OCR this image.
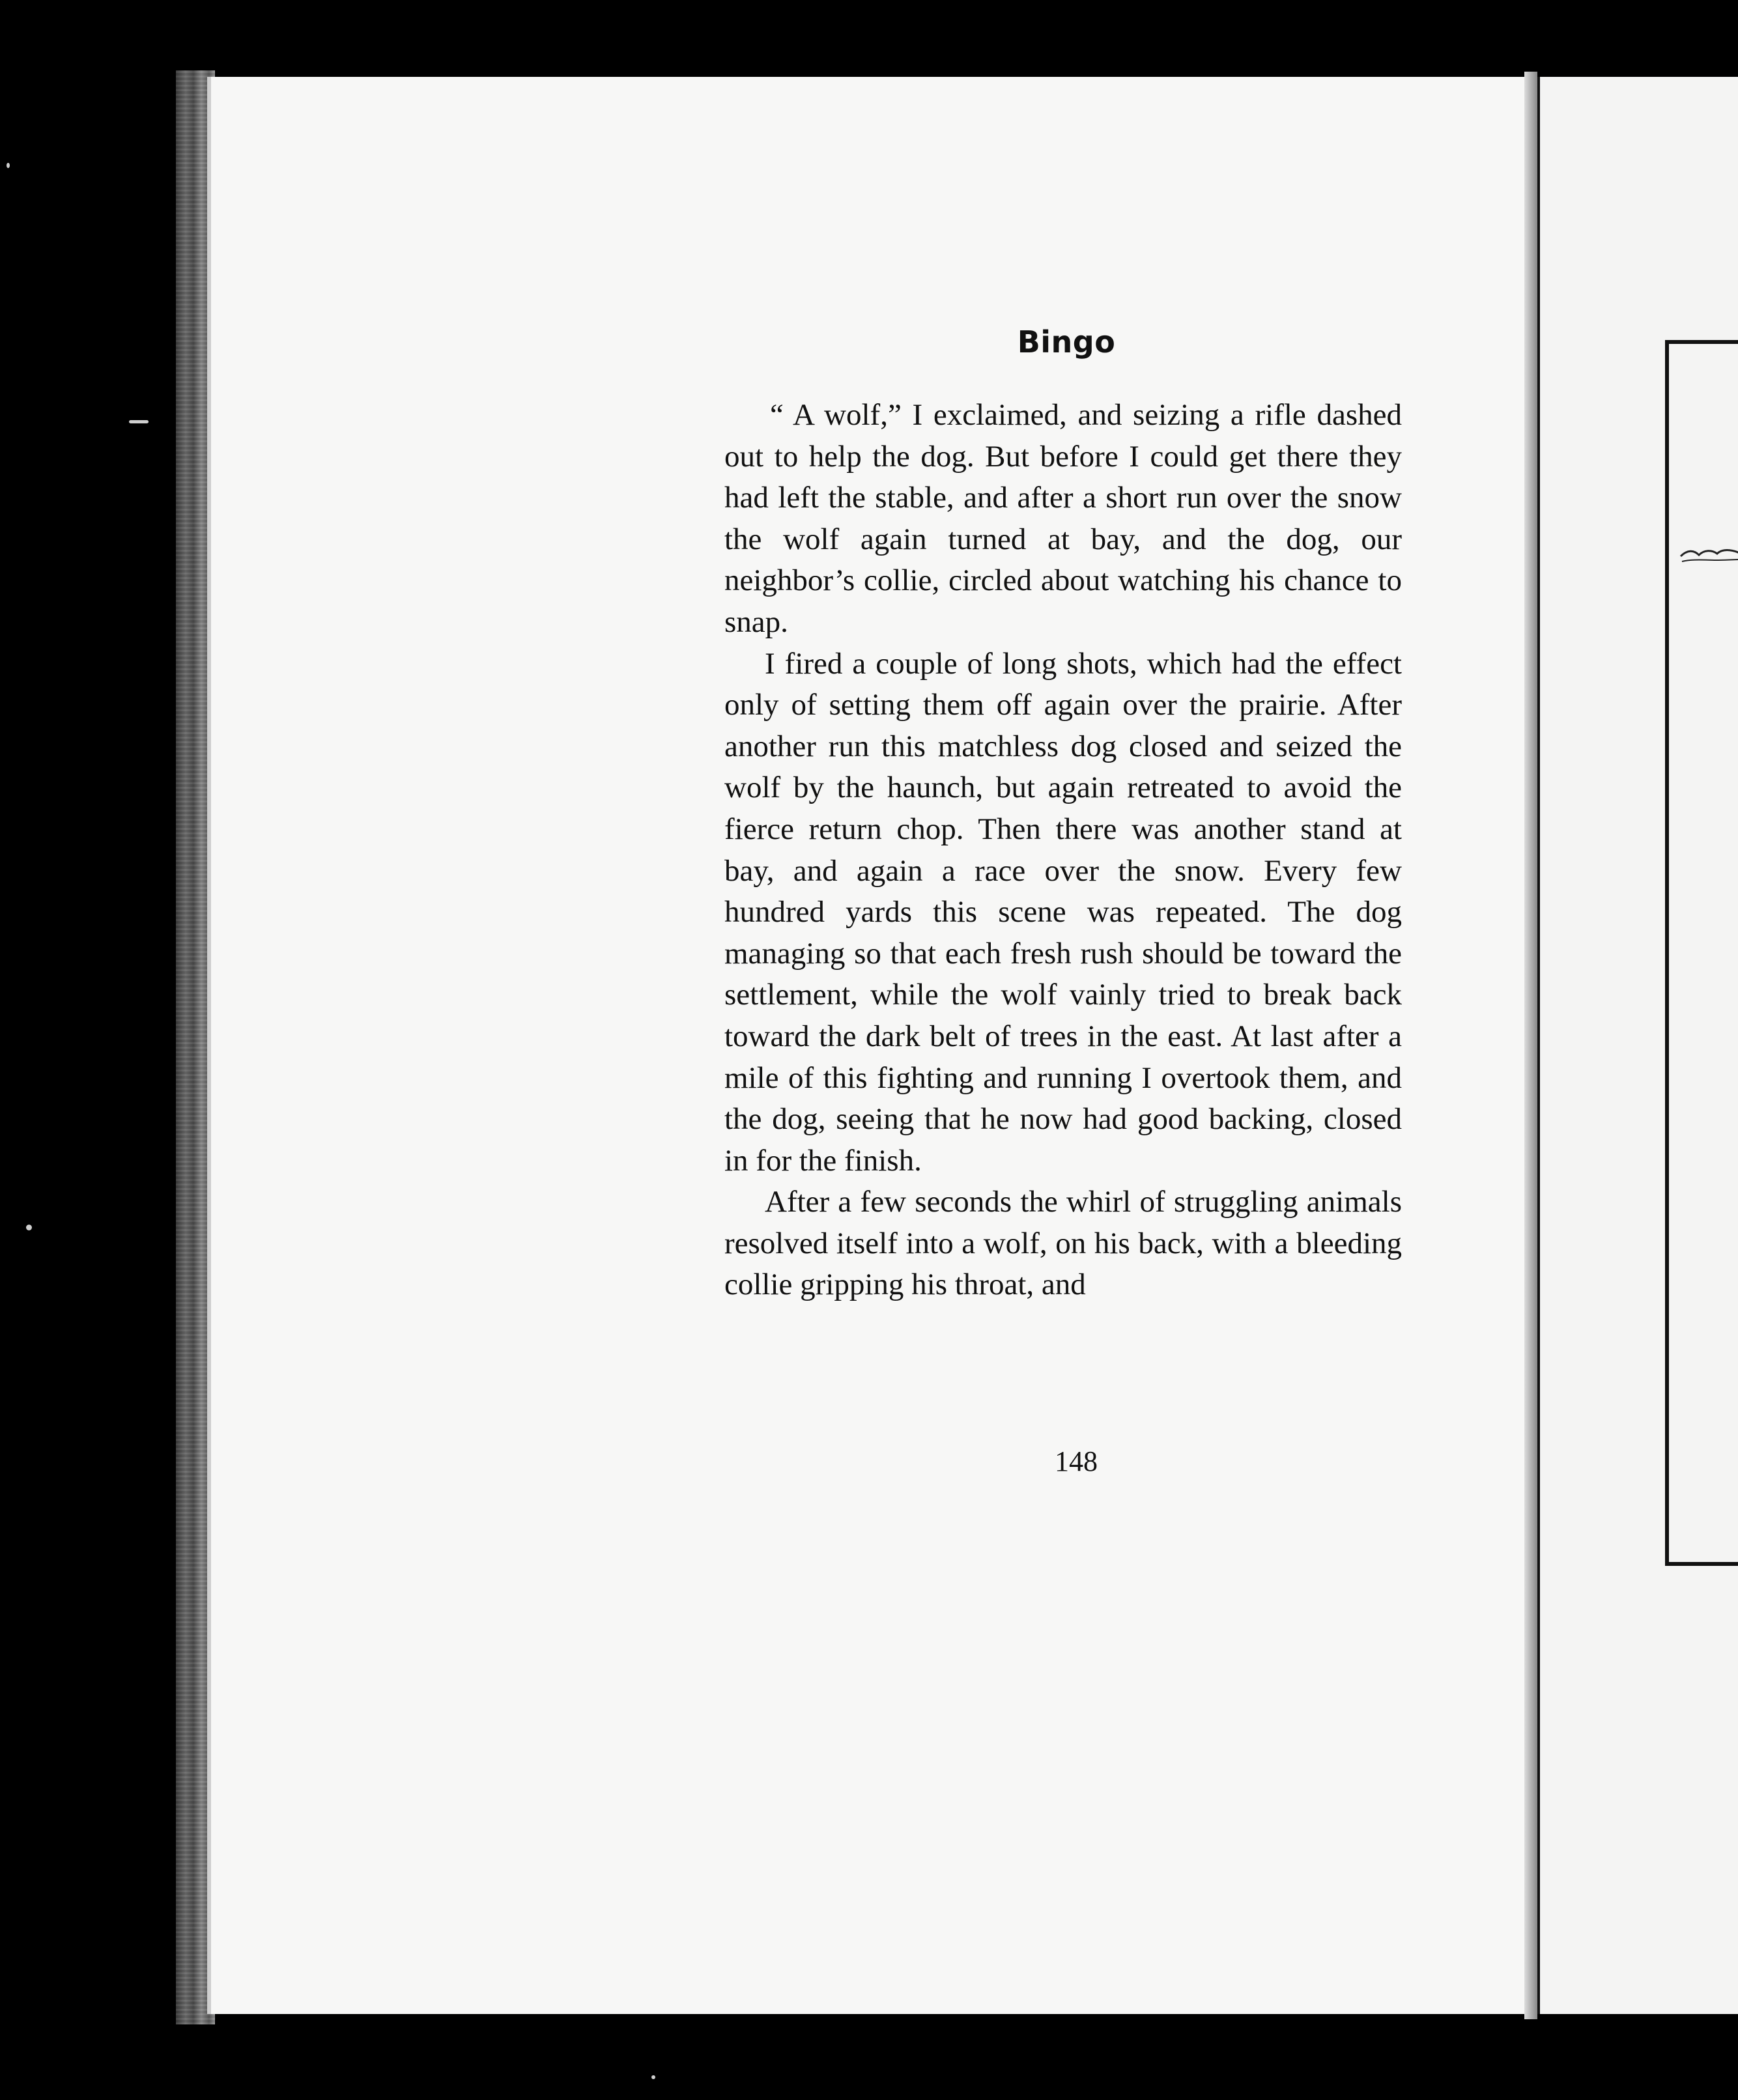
Bingo

“ A wolf,” I exclaimed, and seizing a rifle dashed out to help the dog. But before I could get there they had left the stable, and after a short run over the snow the wolf again turned at bay, and the dog, our neighbor’s collie, circled about watching his chance to snap.

I fired a couple of long shots, which had the effect only of setting them off again over the prairie. After another run this matchless dog closed and seized the wolf by the haunch, but again retreated to avoid the fierce return chop. Then there was another stand at bay, and again a race over the snow. Every few hundred yards this scene was repeated. The dog managing so that each fresh rush should be toward the settlement, while the wolf vainly tried to break back toward the dark belt of trees in the east. At last after a mile of this fighting and running I overtook them, and the dog, seeing that he now had good backing, closed in for the finish.

After a few seconds the whirl of struggling animals resolved itself into a wolf, on his back, with a bleeding collie gripping his throat, and

148
